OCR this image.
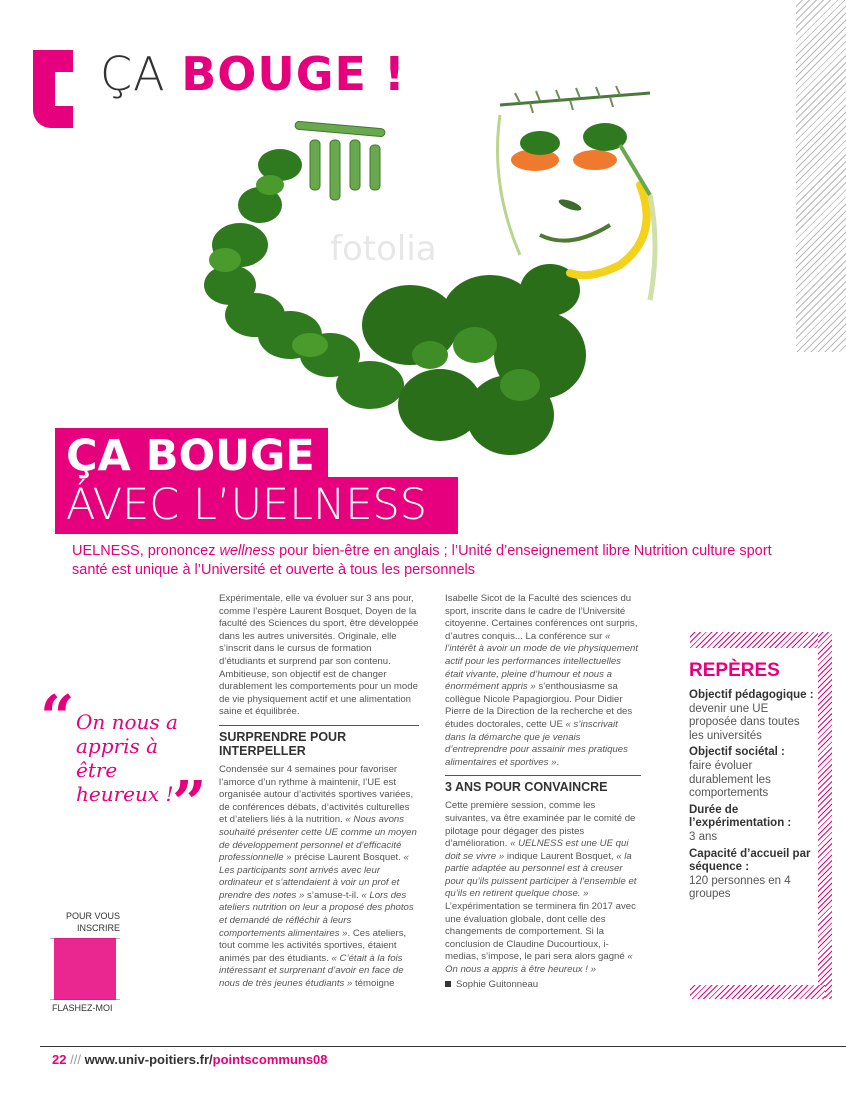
ÇA BOUGE !
fotolia
ÇA BOUGE
ÁVEC L’UELNESS
UELNESS, prononcez wellness pour bien-être en anglais ; l’Unité d’enseignement libre Nutrition culture sport santé est unique à l’Université et ouverte à tous les personnels

Expérimentale, elle va évoluer sur 3 ans pour, comme l’espère Laurent Bosquet, Doyen de la faculté des Sciences du sport, être développée dans les autres universités. Originale, elle s’inscrit dans le cursus de formation d’étudiants et surprend par son contenu. Ambitieuse, son objectif est de changer durablement les comportements pour un mode de vie physiquement actif et une alimentation saine et équilibrée.

SURPRENDRE POUR INTERPELLER

Condensée sur 4 semaines pour favoriser l’amorce d’un rythme à maintenir, l’UE est organisée autour d’activités sportives variées, de conférences débats, d’activités culturelles et d’ateliers liés à la nutrition. « Nous avons souhaité présenter cette UE comme un moyen de développement personnel et d’efficacité professionnelle » précise Laurent Bosquet. « Les participants sont arrivés avec leur ordinateur et s’attendaient à voir un prof et prendre des notes » s’amuse-t-il. « Lors des ateliers nutrition on leur a proposé des photos et demandé de réfléchir à leurs comportements alimentaires ». Ces ateliers, tout comme les activités sportives, étaient animés par des étudiants. « C’était à la fois intéressant et surprenant d’avoir en face de nous de très jeunes étudiants » témoigne

Isabelle Sicot de la Faculté des sciences du sport, inscrite dans le cadre de l’Université citoyenne. Certaines conférences ont surpris, d’autres conquis... La conférence sur « l’intérêt à avoir un mode de vie physiquement actif pour les performances intellectuelles était vivante, pleine d’humour et nous a énormément appris » s’enthousiasme sa collègue Nicole Papagiorgiou. Pour Didier Pierre de la Direction de la recherche et des études doctorales, cette UE « s’inscrivait dans la démarche que je venais d’entreprendre pour assainir mes pratiques alimentaires et sportives ».

3 ANS POUR CONVAINCRE

Cette première session, comme les suivantes, va être examinée par le comité de pilotage pour dégager des pistes d’amélioration. « UELNESS est une UE qui doit se vivre » indique Laurent Bosquet, « la partie adaptée au personnel est à creuser pour qu’ils puissent participer à l’ensemble et qu’ils en retirent quelque chose. » L’expérimentation se terminera fin 2017 avec une évaluation globale, dont celle des changements de comportement. Si la conclusion de Claudine Ducourtioux, i-medias, s’impose, le pari sera alors gagné « On nous a appris à être heureux ! »

Sophie Guitonneau
“ On nous a appris à être heureux !
”
POUR VOUS INSCRIRE
FLASHEZ-MOI
REPÈRES
Objectif pédagogique :
devenir une UE proposée dans toutes les universités
Objectif sociétal :
faire évoluer durablement les comportements
Durée de l’expérimentation :
3 ans
Capacité d’accueil par séquence :
120 personnes en 4 groupes
22 /// www.univ-poitiers.fr/pointscommuns08
